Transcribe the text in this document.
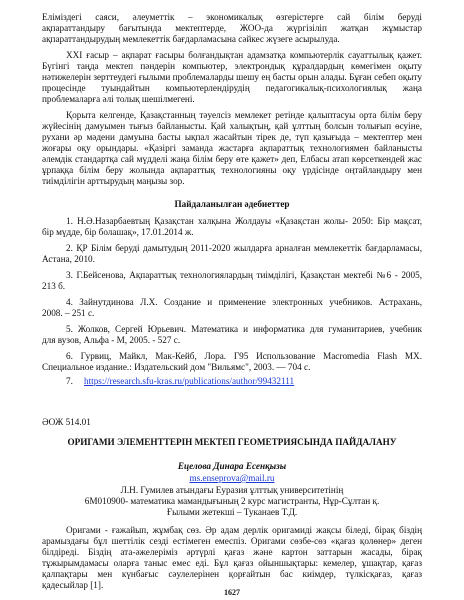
Еліміздегі саяси, әлеуметтік – экономикалық өзгерістерге сай білім беруді
ақпараттандыру бағытында мектептерде, ЖОО-да жүргізіліп жатқан жұмыстар
ақпараттандырудың мемлекеттік бағдарламасына сәйкес жүзеге асырылуда.
XXI ғасыр – ақпарат ғасыры болғандықтан адамзатқа компьютерлік сауаттылық қажет.
Бүгінгі таңда мектеп пәндерін компьютер, электрондық құралдардың көмегімен оқыту
нәтижелерін зерттеудегі ғылыми проблемаларды шешу ең басты орын алады. Бұған себеп оқыту
процесінде туындайтын компьютерлендірудің педагогикалық-психологиялық жаңа
проблемаларға әлі толық шешілмегені.
Қорыта келгенде, Қазақстанның тәуелсіз мемлекет ретінде қалыптасуы орта білім беру
жүйесінің дамуымен тығыз байланысты. Қай халықтың, қай ұлттың болсын толығып өсуіне,
рухани әр мәдени дамуына басты ықпал жасайтын тірек де, түп қазығыда – мектептер мен
жоғары оқу орындары. «Қазіргі заманда жастарға ақпараттық технологиямен байланысты
әлемдік стандартқа сай мүдделі жаңа білім беру өте қажет» деп, Елбасы атап көрсеткендей жас
ұрпаққа білім беру жолында ақпараттық технологияны оқу үрдісінде оңтайландыру мен
тиімділігін арттырудың маңызы зор.
Пайдаланылған әдебиеттер
1. Н.Ә.Назарбаевтың Қазақстан халқына Жолдауы «Қазақстан жолы- 2050: Бір мақсат,
бір мүдде, бір болашақ», 17.01.2014 ж.
2. ҚР Білім беруді дамытудың 2011-2020 жылдарға арналған мемлекеттік бағдарламасы,
Астана, 2010.
3. Г.Бейсенова, Ақпараттық технологиялардың тиімділігі, Қазақстан мектебі №6 - 2005,
213 б.
4. Зайнутдинова Л.Х. Создание и применение электронных учебников. Астрахань,
2008. – 251 с.
5. Жолков, Сергей Юрьевич. Математика и информатика для гуманитариев, учебник
для вузов, Альфа - М, 2005. - 527 с.
6. Гурвиц, Майкл, Мак-Кейб, Лора. Г95 Использование Macromedia Flash MX.
Специальное издание.: Издательский дом "Вильямс", 2003. — 704 с.
7. https://research.sfu-kras.ru/publications/author/99432111
ӘОЖ 514.01
ОРИГАМИ ЭЛЕМЕНТТЕРІН МЕКТЕП ГЕОМЕТРИЯСЫНДА ПАЙДАЛАНУ
Ецелова Динара Есенқызы
ms.enseprova@mail.ru
Л.Н. Гумилев атындағы Еуразия ұлттық университетінің
6М010900- математика мамандығының 2 курс магистранты, Нұр-Сұлтан қ.
Ғылыми жетекші – Туканаев Т.Д.
Оригами - ғажайып, жұмбақ сөз. Әр адам дерлік оригамиді жақсы біледі, бірақ біздің
арамыздағы бұл шеттілік сезді естімеген емеспіз. Оригами сөзбе-сөз «қағаз қолөнер» деген
білдіреді. Біздің ата-әжелеріміз әртүрлі қағаз және картон заттарын жасады, бірақ
тұжырымдамасы оларға таныс емес еді. Бұл қағаз ойыншықтары: кемелер, ұшақтар, қағаз
қалпақтары мен күнбағыс сәулелерінен қорғайтын бас киімдер, түлкісқағаз, қағаз
қадесыйлар [1].
1627
